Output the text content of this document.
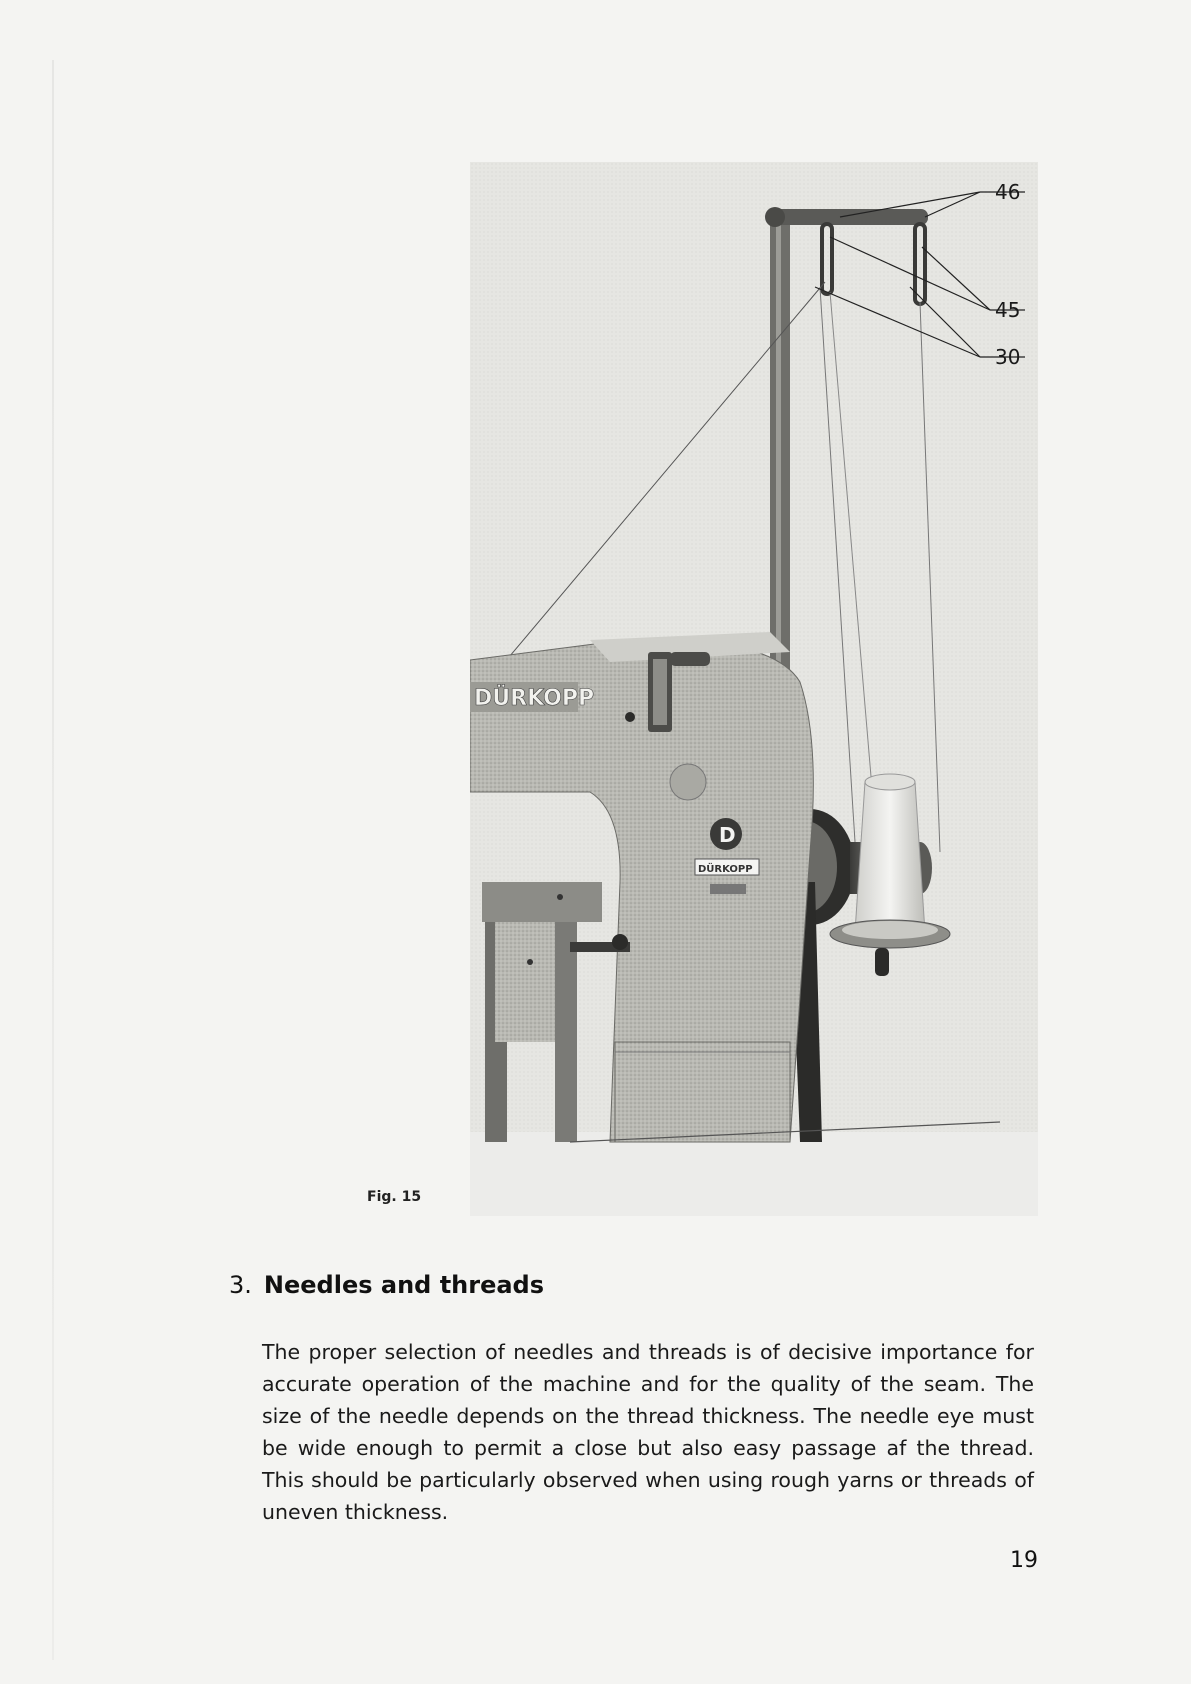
DÜRKOPP
D
DÜRKOPP
46
45
30
Fig. 15
3. Needles and threads

The proper selection of needles and threads is of decisive importance for accurate operation of the machine and for the quality of the seam. The size of the needle depends on the thread thickness. The needle eye must be wide enough to permit a close but also easy passage af the thread. This should be particularly observed when using rough yarns or threads of uneven thickness.

19
